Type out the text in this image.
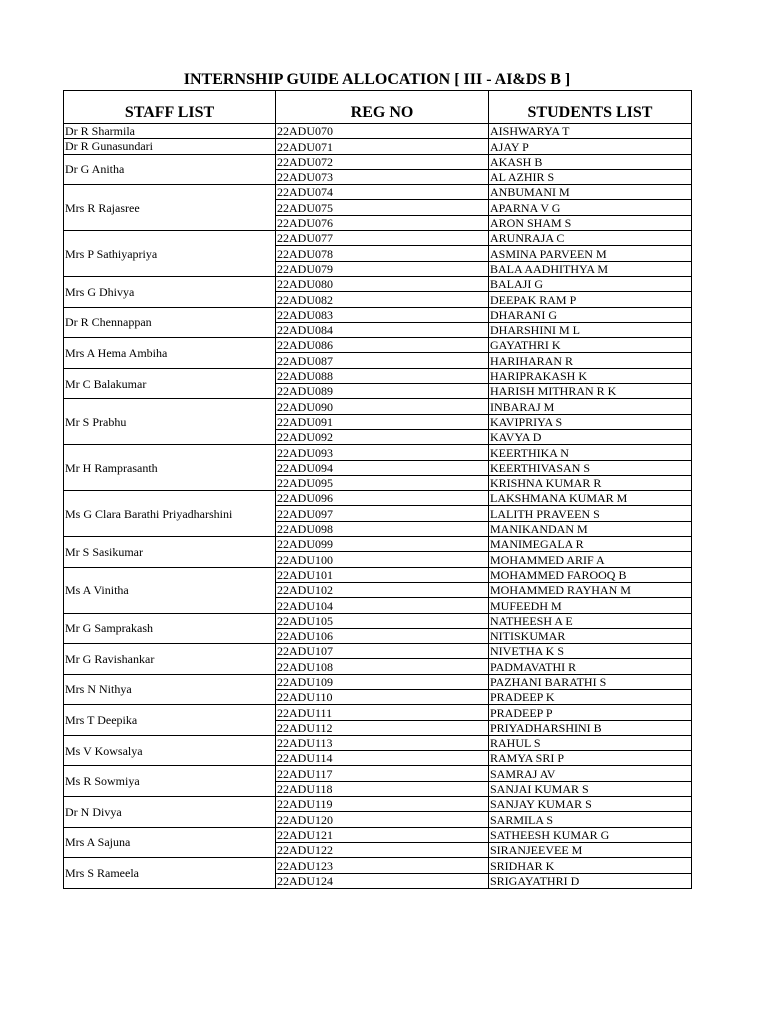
INTERNSHIP GUIDE ALLOCATION [ III - AI&DS B ]
STAFF LIST	REG NO	STUDENTS LIST
Dr R Sharmila	22ADU070	AISHWARYA T
Dr R Gunasundari	22ADU071	AJAY P
Dr G Anitha	22ADU072	AKASH B
	22ADU073	AL AZHIR S
Mrs R Rajasree	22ADU074	ANBUMANI M
	22ADU075	APARNA V G
	22ADU076	ARON SHAM S
Mrs P Sathiyapriya	22ADU077	ARUNRAJA C
	22ADU078	ASMINA PARVEEN M
	22ADU079	BALA AADHITHYA M
Mrs G Dhivya	22ADU080	BALAJI G
	22ADU082	DEEPAK RAM P
Dr R Chennappan	22ADU083	DHARANI G
	22ADU084	DHARSHINI M L
Mrs A Hema Ambiha	22ADU086	GAYATHRI K
	22ADU087	HARIHARAN R
Mr C Balakumar	22ADU088	HARIPRAKASH K
	22ADU089	HARISH MITHRAN R K
Mr S Prabhu	22ADU090	INBARAJ M
	22ADU091	KAVIPRIYA S
	22ADU092	KAVYA D
Mr H Ramprasanth	22ADU093	KEERTHIKA N
	22ADU094	KEERTHIVASAN S
	22ADU095	KRISHNA KUMAR R
Ms G Clara Barathi Priyadharshini	22ADU096	LAKSHMANA KUMAR M
	22ADU097	LALITH PRAVEEN S
	22ADU098	MANIKANDAN M
Mr S Sasikumar	22ADU099	MANIMEGALA R
	22ADU100	MOHAMMED ARIF A
Ms A Vinitha	22ADU101	MOHAMMED FAROOQ B
	22ADU102	MOHAMMED RAYHAN M
	22ADU104	MUFEEDH M
Mr G Samprakash	22ADU105	NATHEESH A E
	22ADU106	NITISKUMAR
Mr G Ravishankar	22ADU107	NIVETHA K S
	22ADU108	PADMAVATHI R
Mrs N Nithya	22ADU109	PAZHANI BARATHI S
	22ADU110	PRADEEP K
Mrs T Deepika	22ADU111	PRADEEP P
	22ADU112	PRIYADHARSHINI B
Ms V Kowsalya	22ADU113	RAHUL S
	22ADU114	RAMYA SRI P
Ms R Sowmiya	22ADU117	SAMRAJ AV
	22ADU118	SANJAI KUMAR S
Dr N Divya	22ADU119	SANJAY KUMAR S
	22ADU120	SARMILA S
Mrs A Sajuna	22ADU121	SATHEESH KUMAR G
	22ADU122	SIRANJEEVEE M
Mrs S Rameela	22ADU123	SRIDHAR K
	22ADU124	SRIGAYATHRI D
